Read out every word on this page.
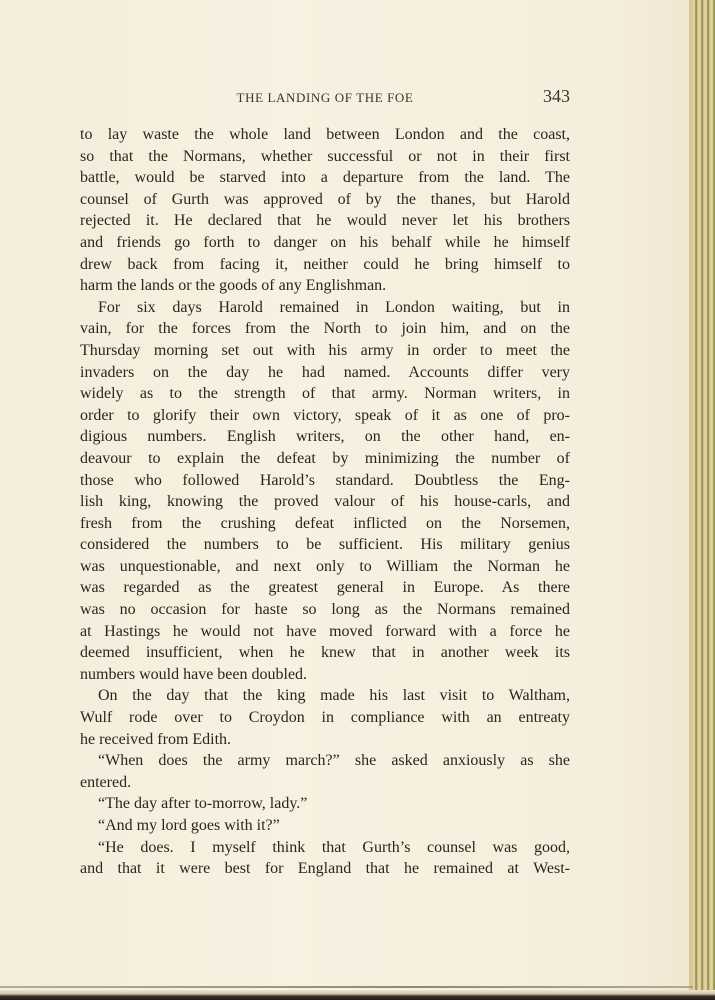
THE LANDING OF THE FOE	343
to lay waste the whole land between London and the coast,
so that the Normans, whether successful or not in their first
battle, would be starved into a departure from the land. The
counsel of Gurth was approved of by the thanes, but Harold
rejected it. He declared that he would never let his brothers
and friends go forth to danger on his behalf while he himself
drew back from facing it, neither could he bring himself to
harm the lands or the goods of any Englishman.
For six days Harold remained in London waiting, but in
vain, for the forces from the North to join him, and on the
Thursday morning set out with his army in order to meet the
invaders on the day he had named. Accounts differ very
widely as to the strength of that army. Norman writers, in
order to glorify their own victory, speak of it as one of pro-
digious numbers. English writers, on the other hand, en-
deavour to explain the defeat by minimizing the number of
those who followed Harold’s standard. Doubtless the Eng-
lish king, knowing the proved valour of his house-carls, and
fresh from the crushing defeat inflicted on the Norsemen,
considered the numbers to be sufficient. His military genius
was unquestionable, and next only to William the Norman he
was regarded as the greatest general in Europe. As there
was no occasion for haste so long as the Normans remained
at Hastings he would not have moved forward with a force he
deemed insufficient, when he knew that in another week its
numbers would have been doubled.
On the day that the king made his last visit to Waltham,
Wulf rode over to Croydon in compliance with an entreaty
he received from Edith.
“When does the army march?” she asked anxiously as she
entered.
“The day after to-morrow, lady.”
“And my lord goes with it?”
“He does. I myself think that Gurth’s counsel was good,
and that it were best for England that he remained at West-
